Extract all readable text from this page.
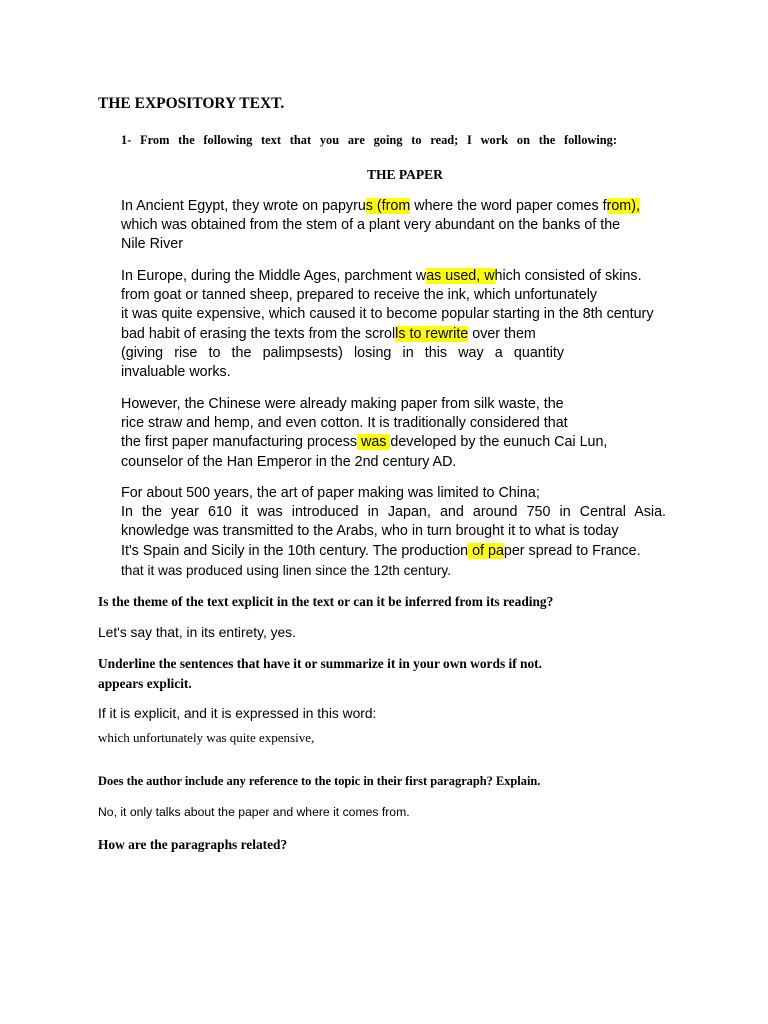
THE EXPOSITORY TEXT.
1- From the following text that you are going to read; I work on the following:
THE PAPER
In Ancient Egypt, they wrote on papyrus (from where the word paper comes from),
which was obtained from the stem of a plant very abundant on the banks of the
Nile River
In Europe, during the Middle Ages, parchment was used, which consisted of skins.
from goat or tanned sheep, prepared to receive the ink, which unfortunately
it was quite expensive, which caused it to become popular starting in the 8th century
bad habit of erasing the texts from the scrolls to rewrite over them
(giving rise to the palimpsests) losing in this way a quantity
invaluable works.
However, the Chinese were already making paper from silk waste, the
rice straw and hemp, and even cotton. It is traditionally considered that
the first paper manufacturing process was developed by the eunuch Cai Lun,
counselor of the Han Emperor in the 2nd century AD.
For about 500 years, the art of paper making was limited to China;
In the year 610 it was introduced in Japan, and around 750 in Central Asia.
knowledge was transmitted to the Arabs, who in turn brought it to what is today
It's Spain and Sicily in the 10th century. The production of paper spread to France.
that it was produced using linen since the 12th century.
Is the theme of the text explicit in the text or can it be inferred from its reading?
Let's say that, in its entirety, yes.
Underline the sentences that have it or summarize it in your own words if not.
appears explicit.
If it is explicit, and it is expressed in this word:
which unfortunately was quite expensive,
Does the author include any reference to the topic in their first paragraph? Explain.
No, it only talks about the paper and where it comes from.
How are the paragraphs related?
